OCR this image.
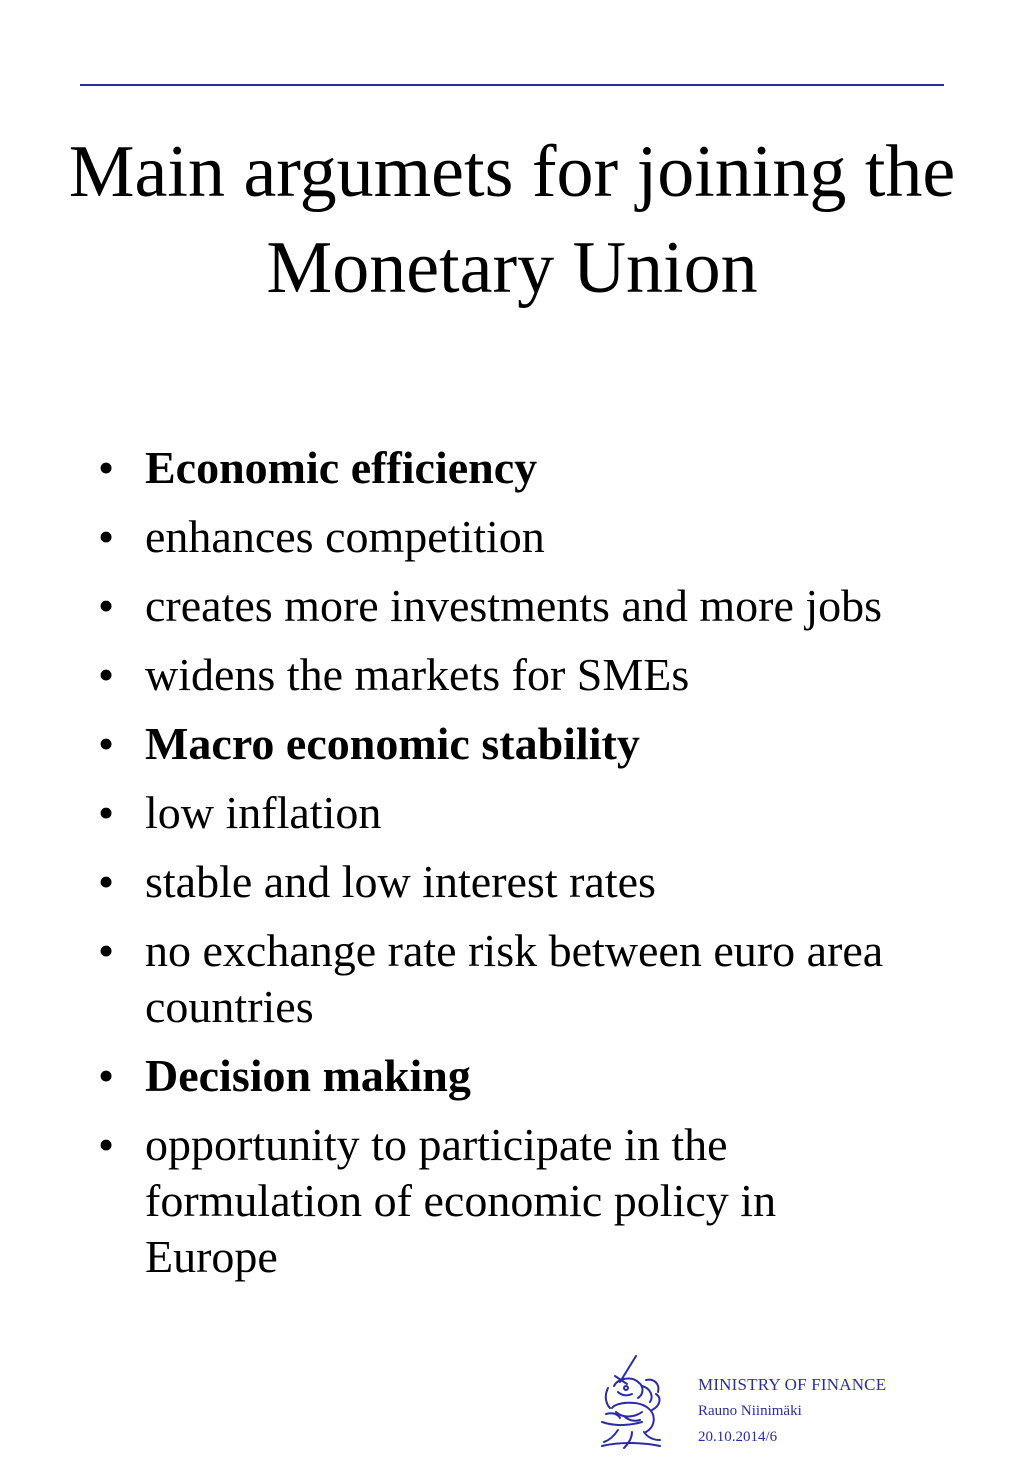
Main argumets for joining the Monetary Union
• Economic efficiency
• enhances competition
• creates more investments and more jobs
• widens the markets for SMEs
• Macro economic stability
• low inflation
• stable and low interest rates
• no exchange rate risk between euro area countries
• Decision making
• opportunity to participate in the formulation of economic policy in Europe
MINISTRY OF FINANCE
Rauno Niinimäki
20.10.2014/6
